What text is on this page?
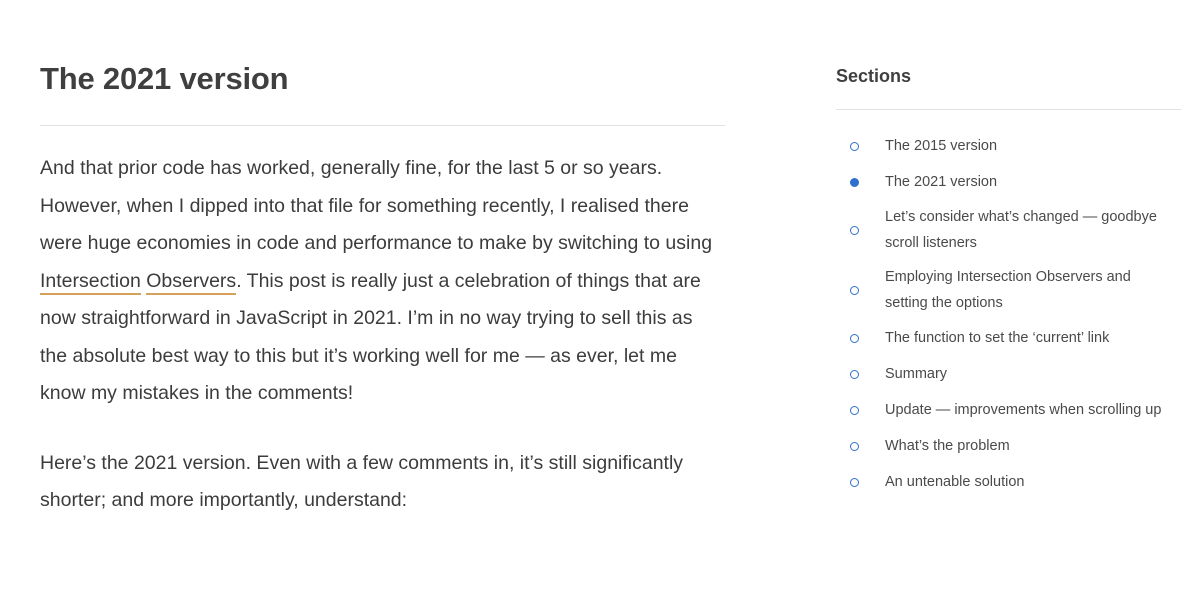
The 2021 version

And that prior code has worked, generally fine, for the last 5 or so years. However, when I dipped into that file for something recently, I realised there were huge economies in code and performance to make by switching to using Intersection Observers. This post is really just a celebration of things that are now straightforward in JavaScript in 2021. I’m in no way trying to sell this as the absolute best way to this but it’s working well for me — as ever, let me know my mistakes in the comments!

Here’s the 2021 version. Even with a few comments in, it’s still significantly shorter; and more importantly, understand:

Sections
The 2015 version
The 2021 version
Let’s consider what’s changed — goodbye scroll listeners
Employing Intersection Observers and setting the options
The function to set the ‘current’ link
Summary
Update — improvements when scrolling up
What’s the problem
An untenable solution
